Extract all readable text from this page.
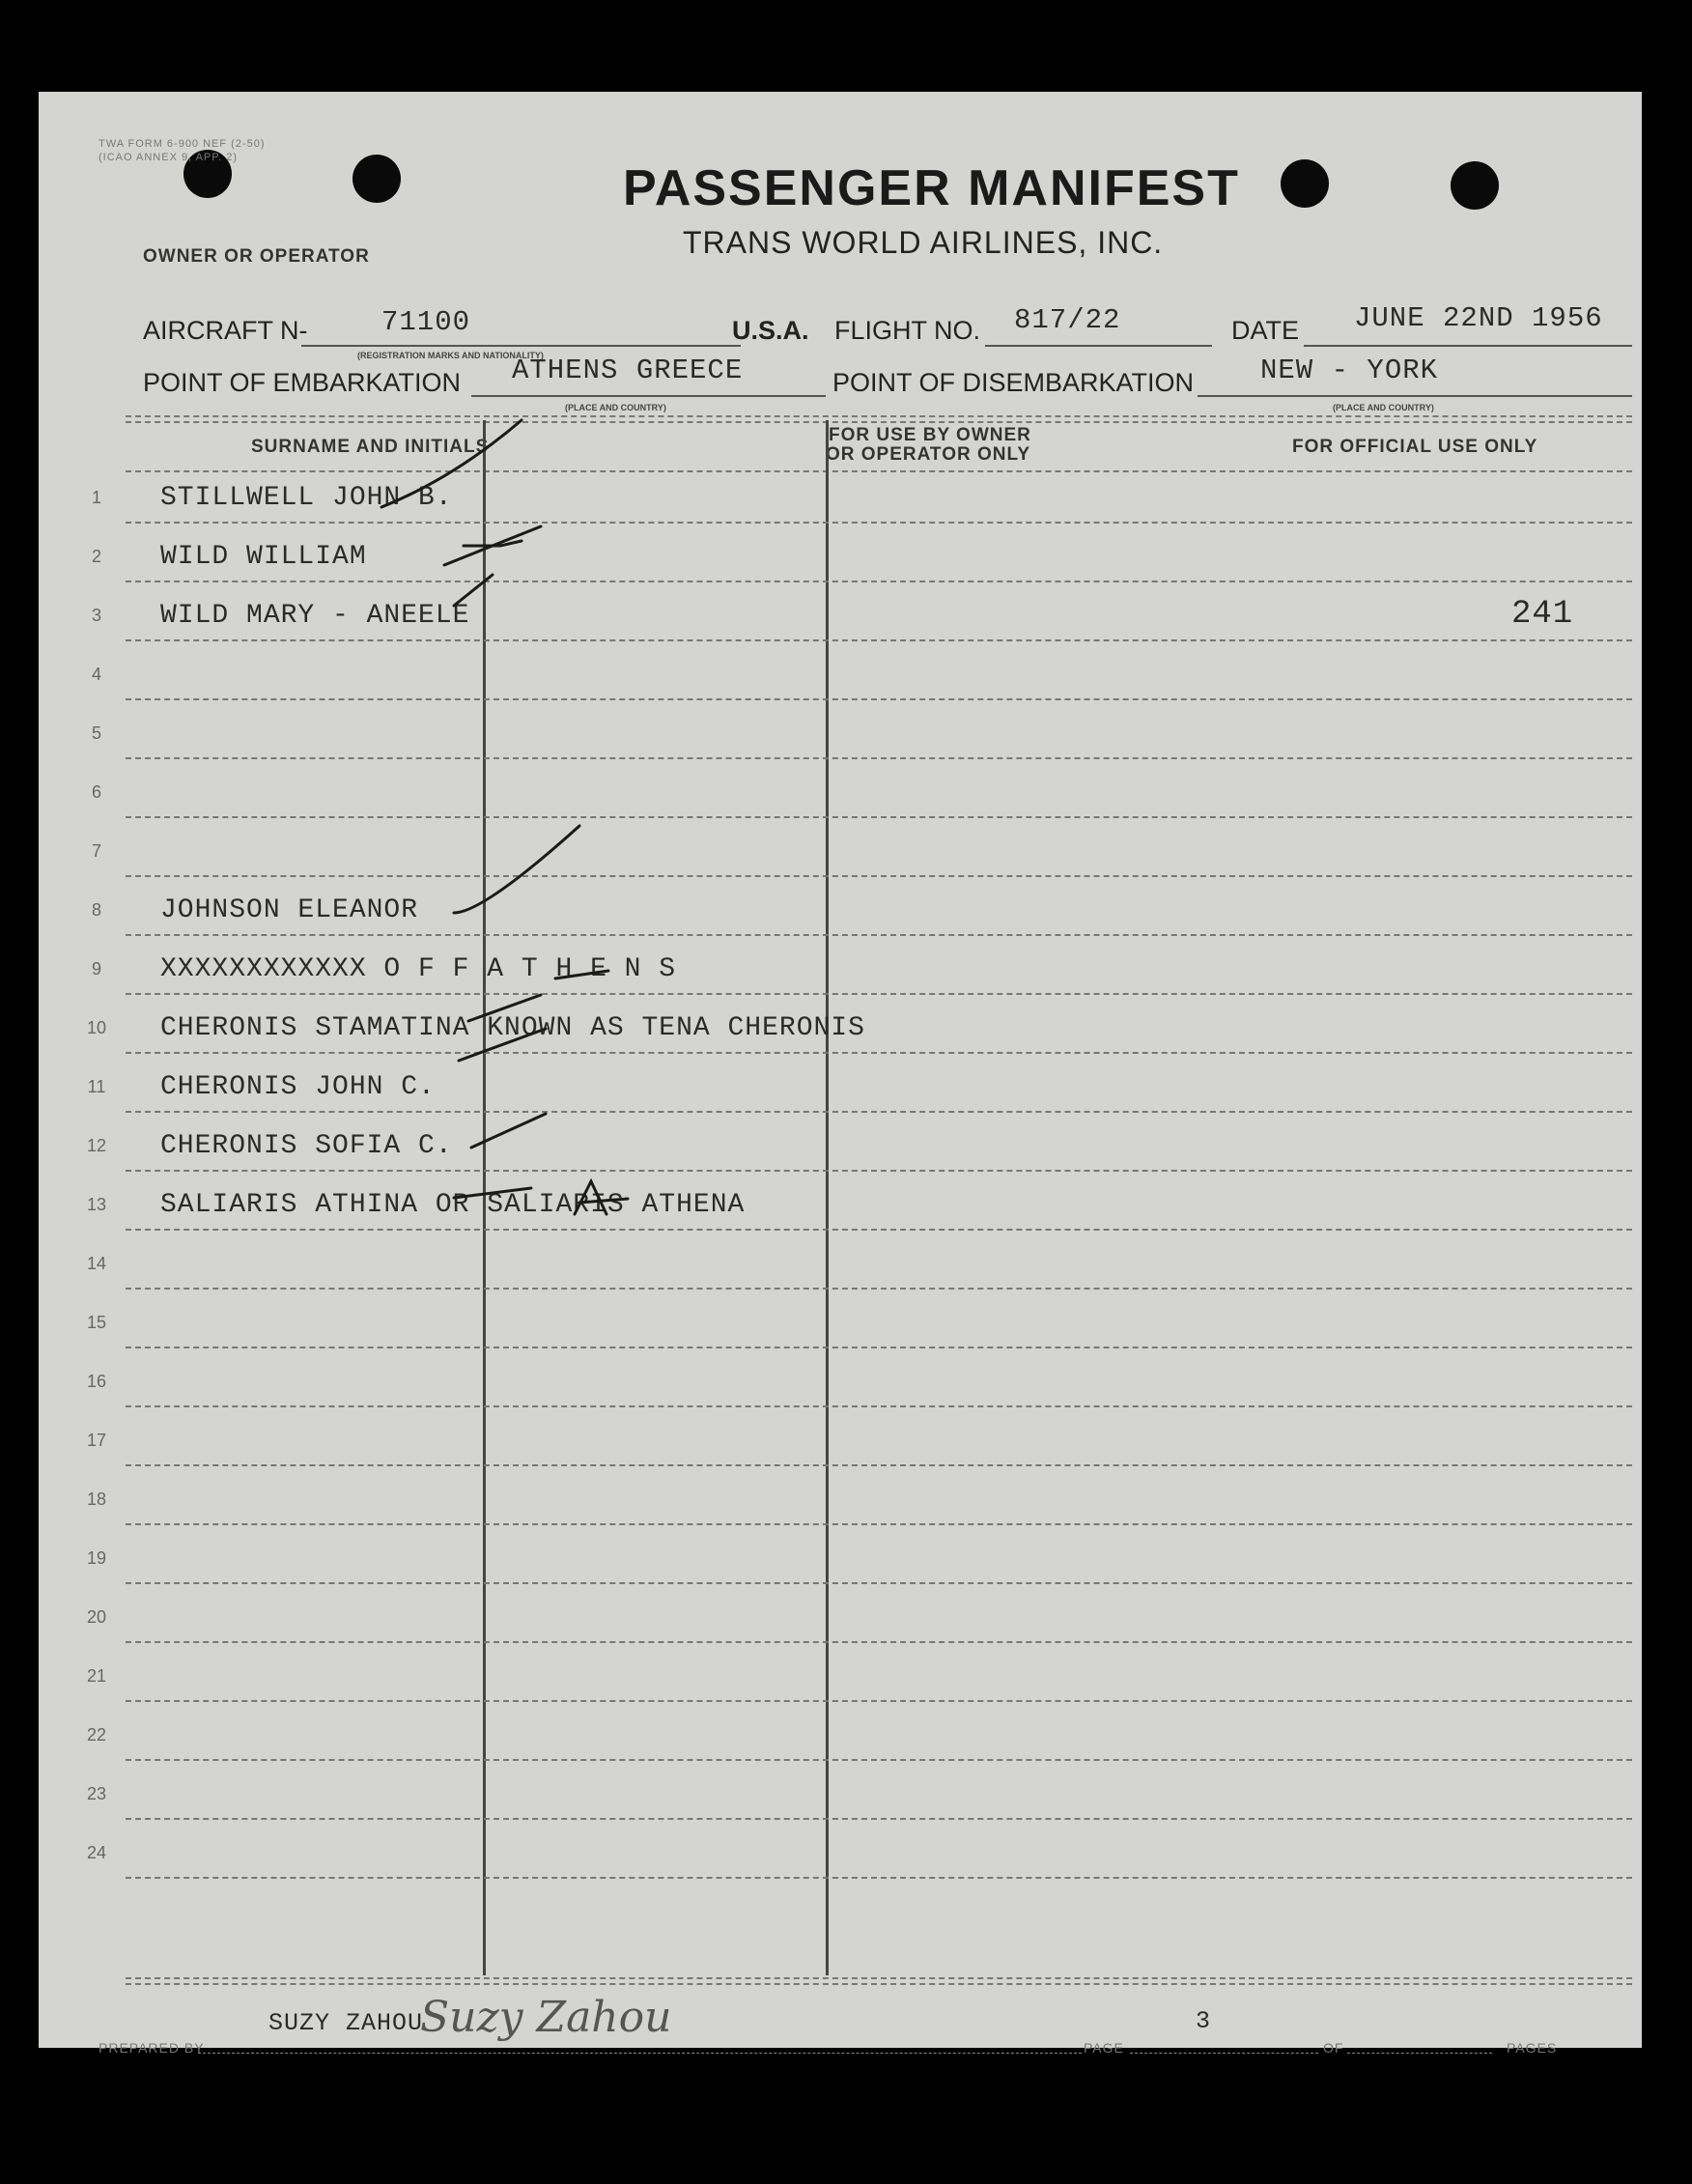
TWA FORM 6-900 NEF (2-50)
(ICAO ANNEX 9, APP. 2)
PASSENGER MANIFEST
TRANS WORLD AIRLINES, INC.
OWNER OR OPERATOR
AIRCRAFT N-	71100
(REGISTRATION MARKS AND NATIONALITY)
U.S.A. FLIGHT NO. 817/22	DATE JUNE 22ND 1956
POINT OF EMBARKATION ATHENS GREECE
(PLACE AND COUNTRY)
POINT OF DISEMBARKATION NEW - YORK
(PLACE AND COUNTRY)
SURNAME AND INITIALS
FOR USE BY OWNER
OR OPERATOR ONLY	FOR OFFICIAL USE ONLY
1	STILLWELL JOHN B.
2	WILD WILLIAM
3	WILD MARY - ANEELE	241
4
5
6
7
8	JOHNSON ELEANOR
9	XXXXXXXXXXXX O F F A T H E N S
10 CHERONIS STAMATINA KNOWN AS TENA CHERONIS
11 CHERONIS JOHN C.
12 CHERONIS SOFIA C.
13 SALIARIS ATHINA OR SALIARIS ATHENA
14
15
16
17
18
19
20
21
22
23
24
PREPARED BY
SUZY ZAHOU
Suzy Zahou
PAGE
3
OF	PAGES
